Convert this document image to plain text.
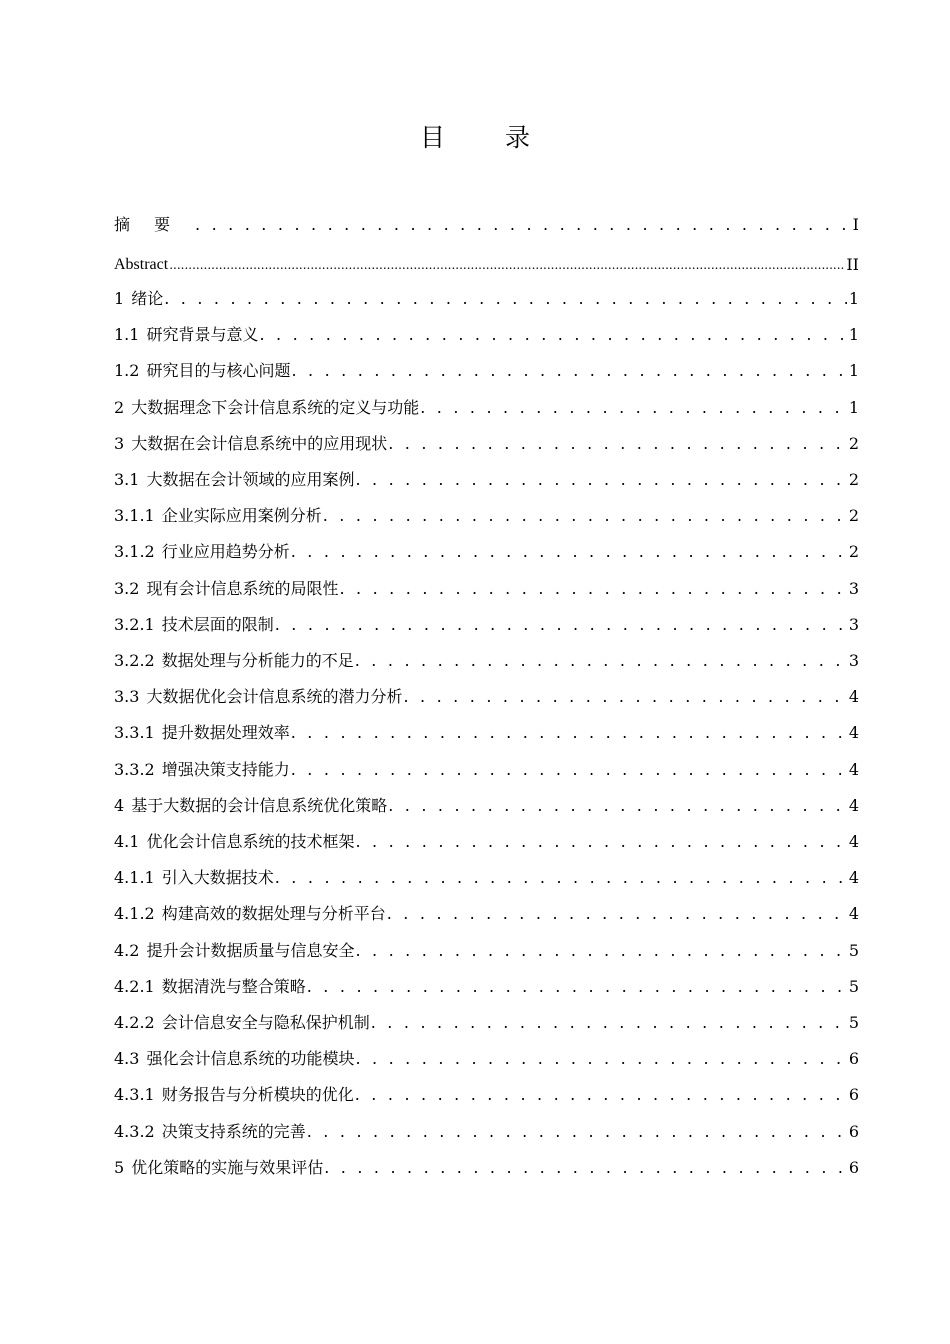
目 录
摘要 . . .	I
Abstract .....	II
1 绪论 . . .	1
1.1 研究背景与意义 . . .	1
1.2 研究目的与核心问题 . . .	1
2 大数据理念下会计信息系统的定义与功能 . . .	1
3 大数据在会计信息系统中的应用现状 . . .	2
3.1 大数据在会计领域的应用案例 . . .	2
3.1.1 企业实际应用案例分析 . . .	2
3.1.2 行业应用趋势分析 . . .	2
3.2 现有会计信息系统的局限性 . . .	3
3.2.1 技术层面的限制 . . .	3
3.2.2 数据处理与分析能力的不足 . . .	3
3.3 大数据优化会计信息系统的潜力分析 . . .	4
3.3.1 提升数据处理效率 . . .	4
3.3.2 增强决策支持能力 . . .	4
4 基于大数据的会计信息系统优化策略 . . .	4
4.1 优化会计信息系统的技术框架 . . .	4
4.1.1 引入大数据技术 . . .	4
4.1.2 构建高效的数据处理与分析平台 . . .	4
4.2 提升会计数据质量与信息安全 . . .	5
4.2.1 数据清洗与整合策略 . . .	5
4.2.2 会计信息安全与隐私保护机制 . . .	5
4.3 强化会计信息系统的功能模块 . . .	6
4.3.1 财务报告与分析模块的优化 . . .	6
4.3.2 决策支持系统的完善 . . .	6
5 优化策略的实施与效果评估 . . .	6
